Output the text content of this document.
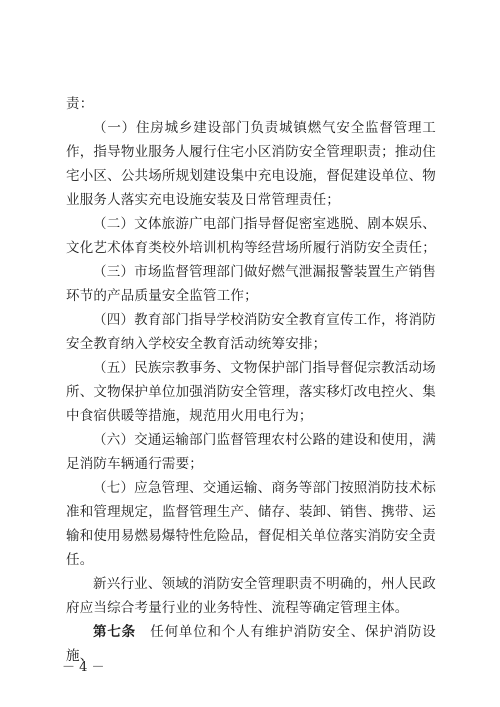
责：

（一）住房城乡建设部门负责城镇燃气安全监督管理工作，指导物业服务人履行住宅小区消防安全管理职责；推动住宅小区、公共场所规划建设集中充电设施，督促建设单位、物业服务人落实充电设施安装及日常管理责任；

（二）文体旅游广电部门指导督促密室逃脱、剧本娱乐、文化艺术体育类校外培训机构等经营场所履行消防安全责任；

（三）市场监督管理部门做好燃气泄漏报警装置生产销售环节的产品质量安全监管工作；

（四）教育部门指导学校消防安全教育宣传工作，将消防安全教育纳入学校安全教育活动统筹安排；

（五）民族宗教事务、文物保护部门指导督促宗教活动场所、文物保护单位加强消防安全管理，落实移灯改电控火、集中食宿供暖等措施，规范用火用电行为；

（六）交通运输部门监督管理农村公路的建设和使用，满足消防车辆通行需要；

（七）应急管理、交通运输、商务等部门按照消防技术标准和管理规定，监督管理生产、储存、装卸、销售、携带、运输和使用易燃易爆特性危险品，督促相关单位落实消防安全责任。

新兴行业、领域的消防安全管理职责不明确的，州人民政府应当综合考量行业的业务特性、流程等确定管理主体。

第七条　 任何单位和个人有维护消防安全、保护消防设施、

－ 4 －
